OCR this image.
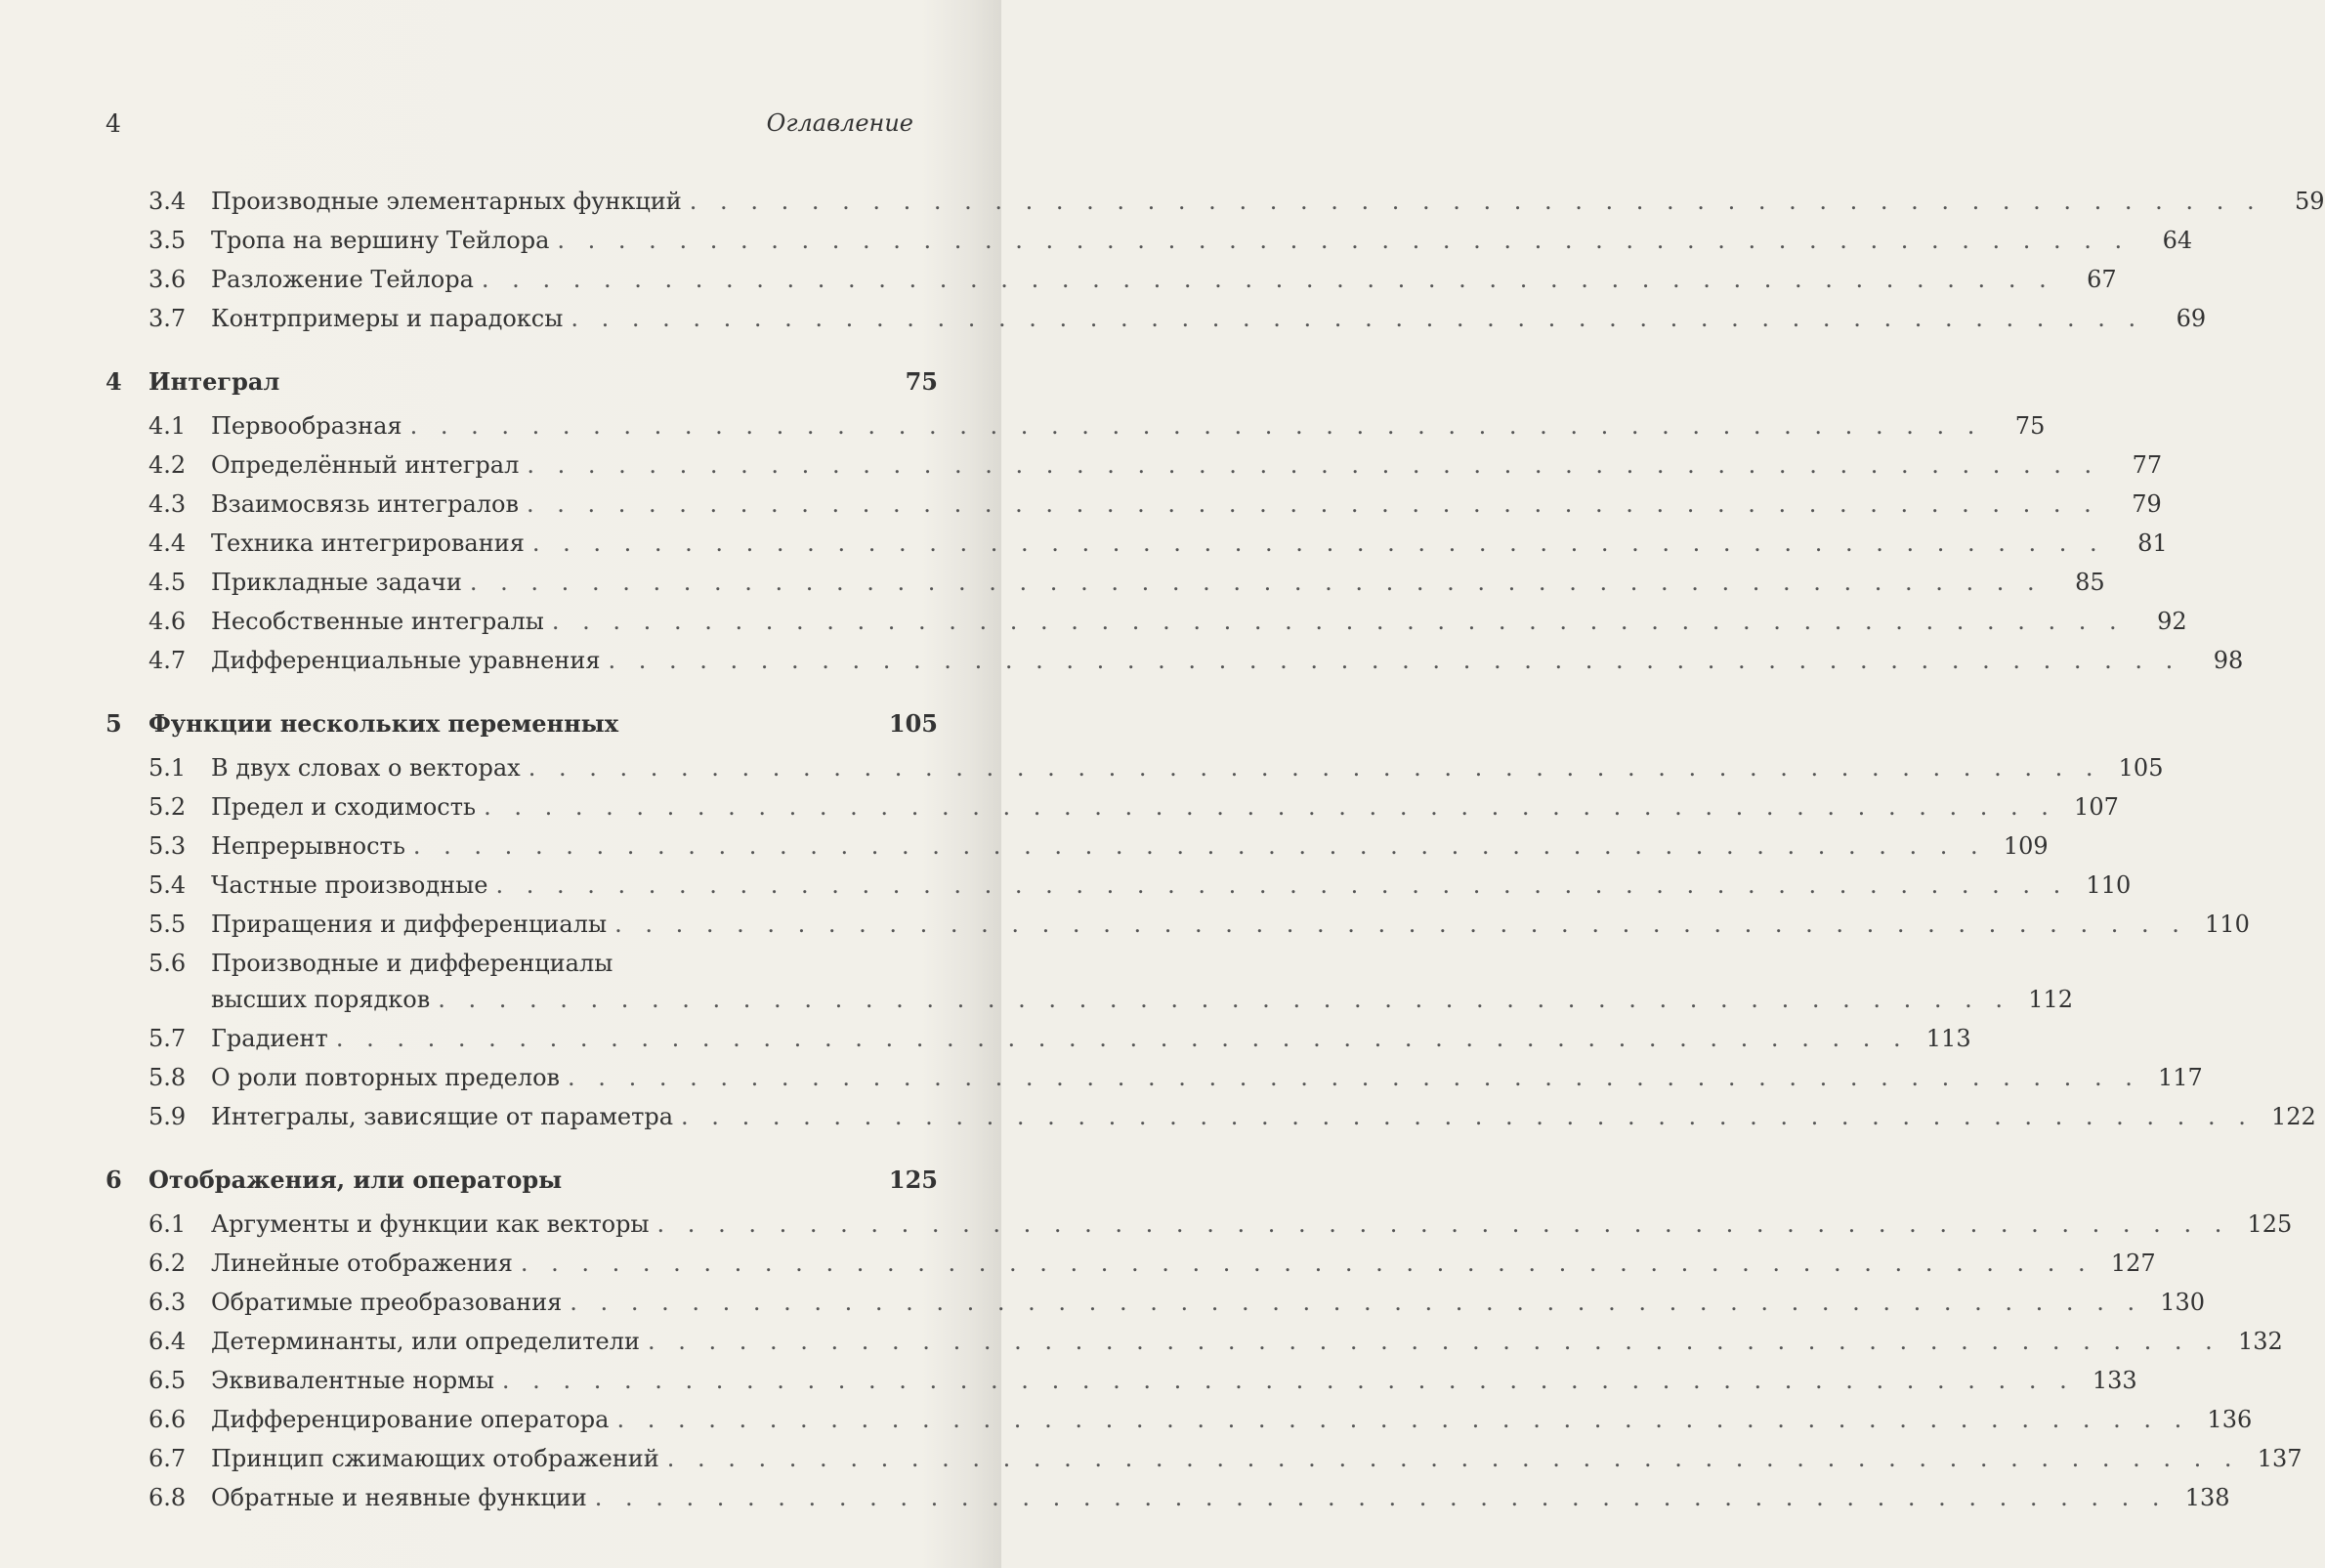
4	Оглавление
3.4 Производные элементарных функций . . .	59
3.5 Тропа на вершину Тейлора . . .	64
3.6 Разложение Тейлора . . .	67
3.7 Контрпримеры и парадоксы . . .	69
4	Интеграл	75
4.1 Первообразная . . .	75
4.2 Определённый интеграл . . .	77
4.3 Взаимосвязь интегралов . . .	79
4.4 Техника интегрирования . . .	81
4.5 Прикладные задачи . . .	85
4.6 Несобственные интегралы . . .	92
4.7 Дифференциальные уравнения . . .	98
5	Функции нескольких переменных	105
5.1 В двух словах о векторах . . .	105
5.2 Предел и сходимость . . .	107
5.3 Непрерывность . . .	109
5.4 Частные производные . . .	110
5.5 Приращения и дифференциалы . . .	110
5.6 Производные и дифференциалы
высших порядков . . .	112
5.7 Градиент . . .	113
5.8 О роли повторных пределов . . .	117
5.9 Интегралы, зависящие от параметра . . .	122
6	Отображения, или операторы	125
6.1 Аргументы и функции как векторы . . .	125
6.2 Линейные отображения . . .	127
6.3 Обратимые преобразования . . .	130
6.4 Детерминанты, или определители . . .	132
6.5 Эквивалентные нормы . . .	133
6.6 Дифференцирование оператора . . .	136
6.7 Принцип сжимающих отображений . . .	137
6.8 Обратные и неявные функции . . .	138
